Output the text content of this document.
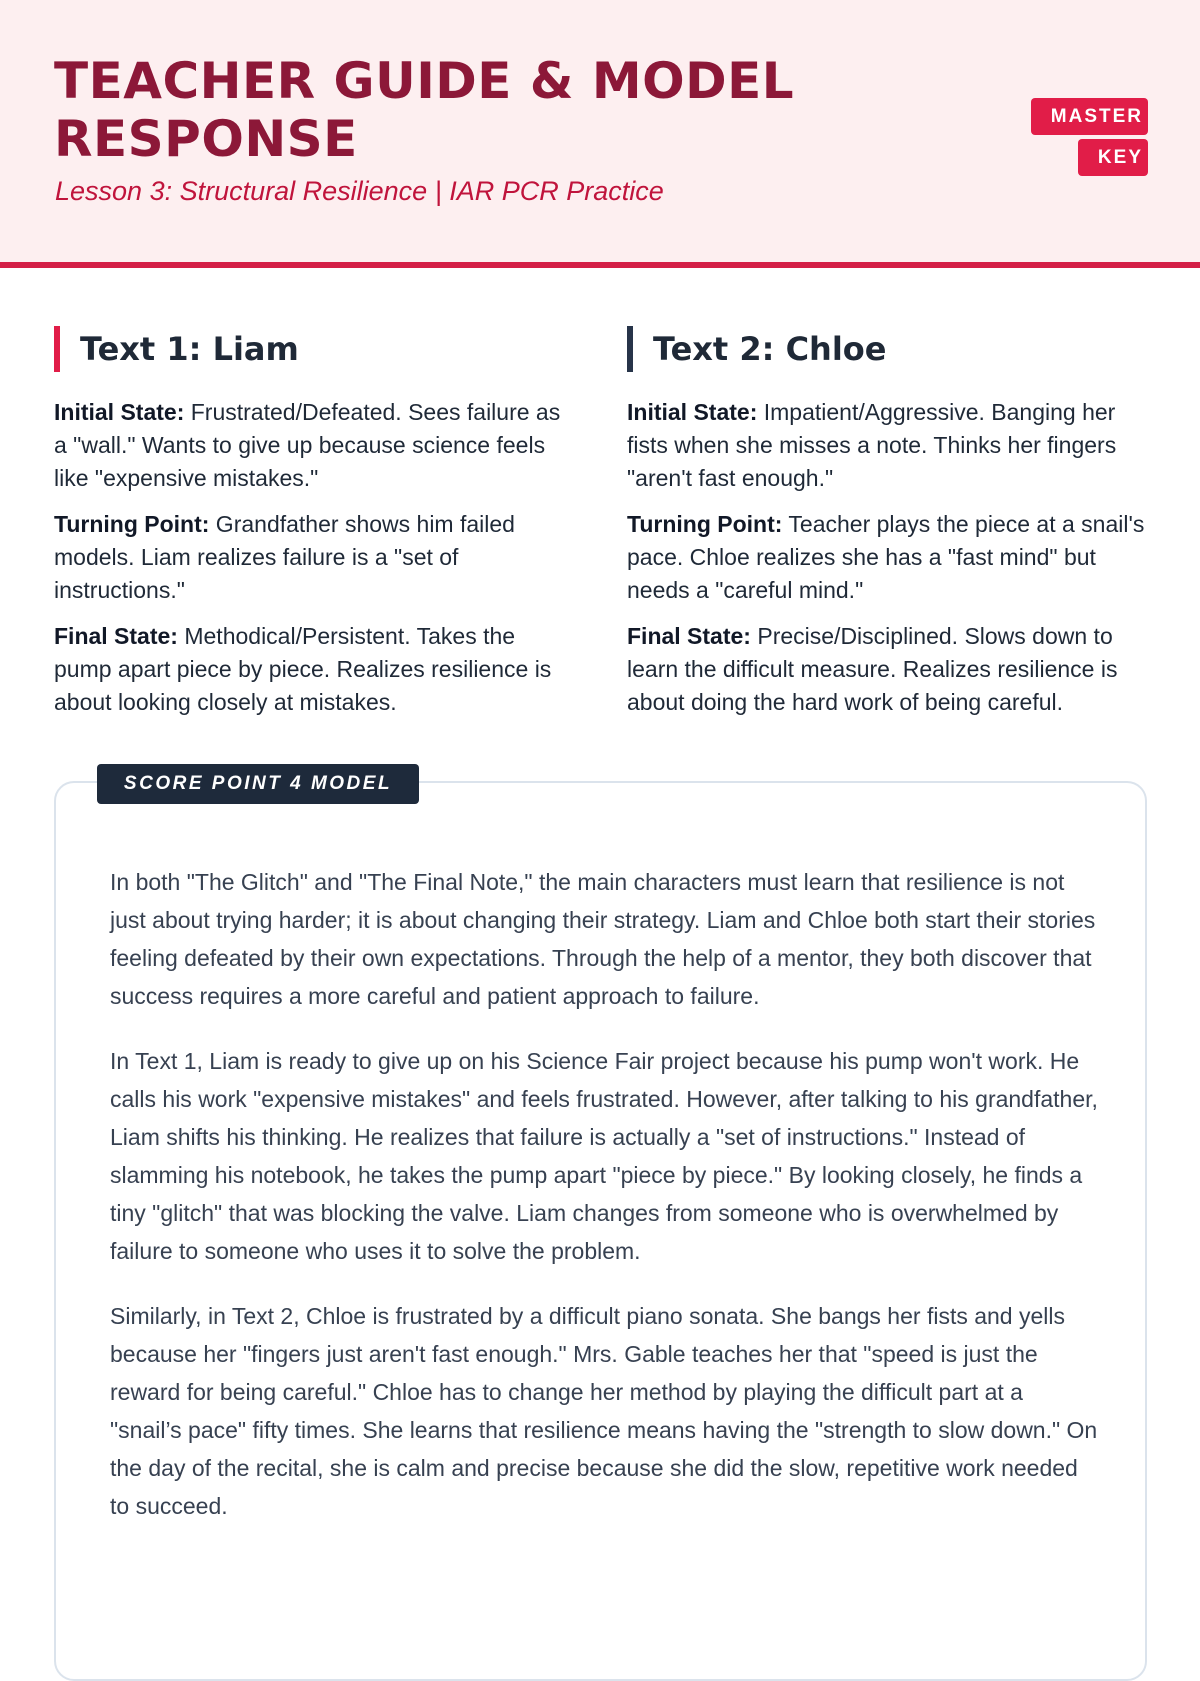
TEACHER GUIDE & MODEL RESPONSE
Lesson 3: Structural Resilience | IAR PCR Practice
MASTER KEY
Text 1: Liam

Initial State: Frustrated/Defeated. Sees failure as a "wall." Wants to give up because science feels like "expensive mistakes."

Turning Point: Grandfather shows him failed models. Liam realizes failure is a "set of instructions."

Final State: Methodical/Persistent. Takes the pump apart piece by piece. Realizes resilience is about looking closely at mistakes.

Text 2: Chloe

Initial State: Impatient/Aggressive. Banging her fists when she misses a note. Thinks her fingers "aren't fast enough."

Turning Point: Teacher plays the piece at a snail's pace. Chloe realizes she has a "fast mind" but needs a "careful mind."

Final State: Precise/Disciplined. Slows down to learn the difficult measure. Realizes resilience is about doing the hard work of being careful.

SCORE POINT 4 MODEL

In both "The Glitch" and "The Final Note," the main characters must learn that resilience is not just about trying harder; it is about changing their strategy. Liam and Chloe both start their stories feeling defeated by their own expectations. Through the help of a mentor, they both discover that success requires a more careful and patient approach to failure.

In Text 1, Liam is ready to give up on his Science Fair project because his pump won't work. He calls his work "expensive mistakes" and feels frustrated. However, after talking to his grandfather, Liam shifts his thinking. He realizes that failure is actually a "set of instructions." Instead of slamming his notebook, he takes the pump apart "piece by piece." By looking closely, he finds a tiny "glitch" that was blocking the valve. Liam changes from someone who is overwhelmed by failure to someone who uses it to solve the problem.

Similarly, in Text 2, Chloe is frustrated by a difficult piano sonata. She bangs her fists and yells because her "fingers just aren't fast enough." Mrs. Gable teaches her that "speed is just the reward for being careful." Chloe has to change her method by playing the difficult part at a "snail’s pace" fifty times. She learns that resilience means having the "strength to slow down." On the day of the recital, she is calm and precise because she did the slow, repetitive work needed to succeed.
